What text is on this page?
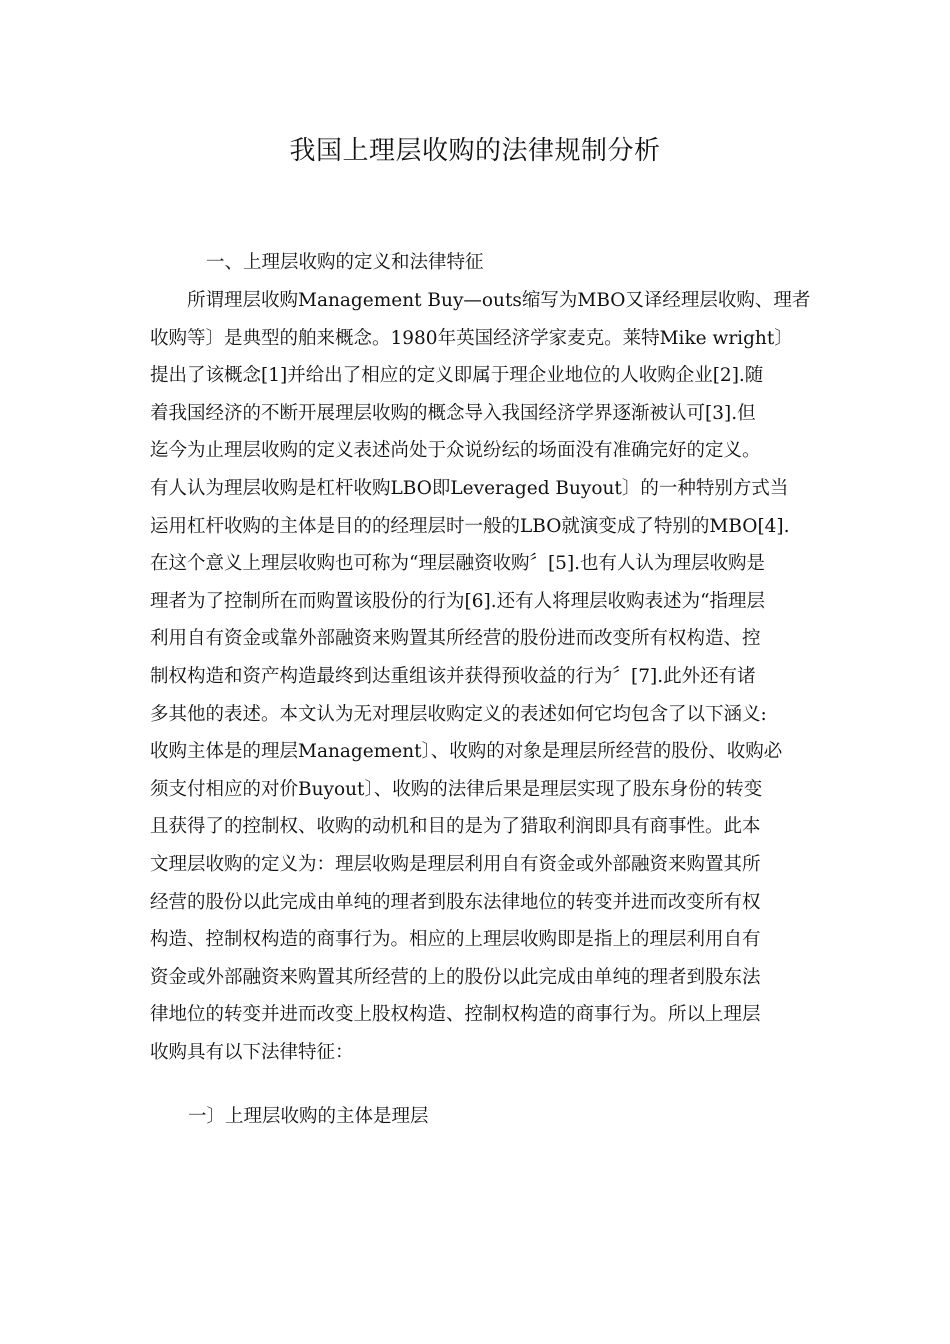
我国上理层收购的法律规制分析
一、上理层收购的定义和法律特征
所谓理层收购Management Buy—outs缩写为MBO又译经理层收购、理者
收购等〕是典型的舶来概念。1980年英国经济学家麦克。莱特Mike wright〕
提出了该概念[1]并给出了相应的定义即属于理企业地位的人收购企业[2].随
着我国经济的不断开展理层收购的概念导入我国经济学界逐渐被认可[3].但
迄今为止理层收购的定义表述尚处于众说纷纭的场面没有准确完好的定义。
有人认为理层收购是杠杆收购LBO即Leveraged Buyout〕的一种特别方式当
运用杠杆收购的主体是目的的经理层时一般的LBO就演变成了特别的MBO[4].
在这个意义上理层收购也可称为“理层融资收购〞[5].也有人认为理层收购是
理者为了控制所在而购置该股份的行为[6].还有人将理层收购表述为“指理层
利用自有资金或靠外部融资来购置其所经营的股份进而改变所有权构造、控
制权构造和资产构造最终到达重组该并获得预收益的行为〞[7].此外还有诸
多其他的表述。本文认为无对理层收购定义的表述如何它均包含了以下涵义:
收购主体是的理层Management〕、收购的对象是理层所经营的股份、收购必
须支付相应的对价Buyout〕、收购的法律后果是理层实现了股东身份的转变
且获得了的控制权、收购的动机和目的是为了猎取利润即具有商事性。此本
文理层收购的定义为：理层收购是理层利用自有资金或外部融资来购置其所
经营的股份以此完成由单纯的理者到股东法律地位的转变并进而改变所有权
构造、控制权构造的商事行为。相应的上理层收购即是指上的理层利用自有
资金或外部融资来购置其所经营的上的股份以此完成由单纯的理者到股东法
律地位的转变并进而改变上股权构造、控制权构造的商事行为。所以上理层
收购具有以下法律特征：
一〕上理层收购的主体是理层
